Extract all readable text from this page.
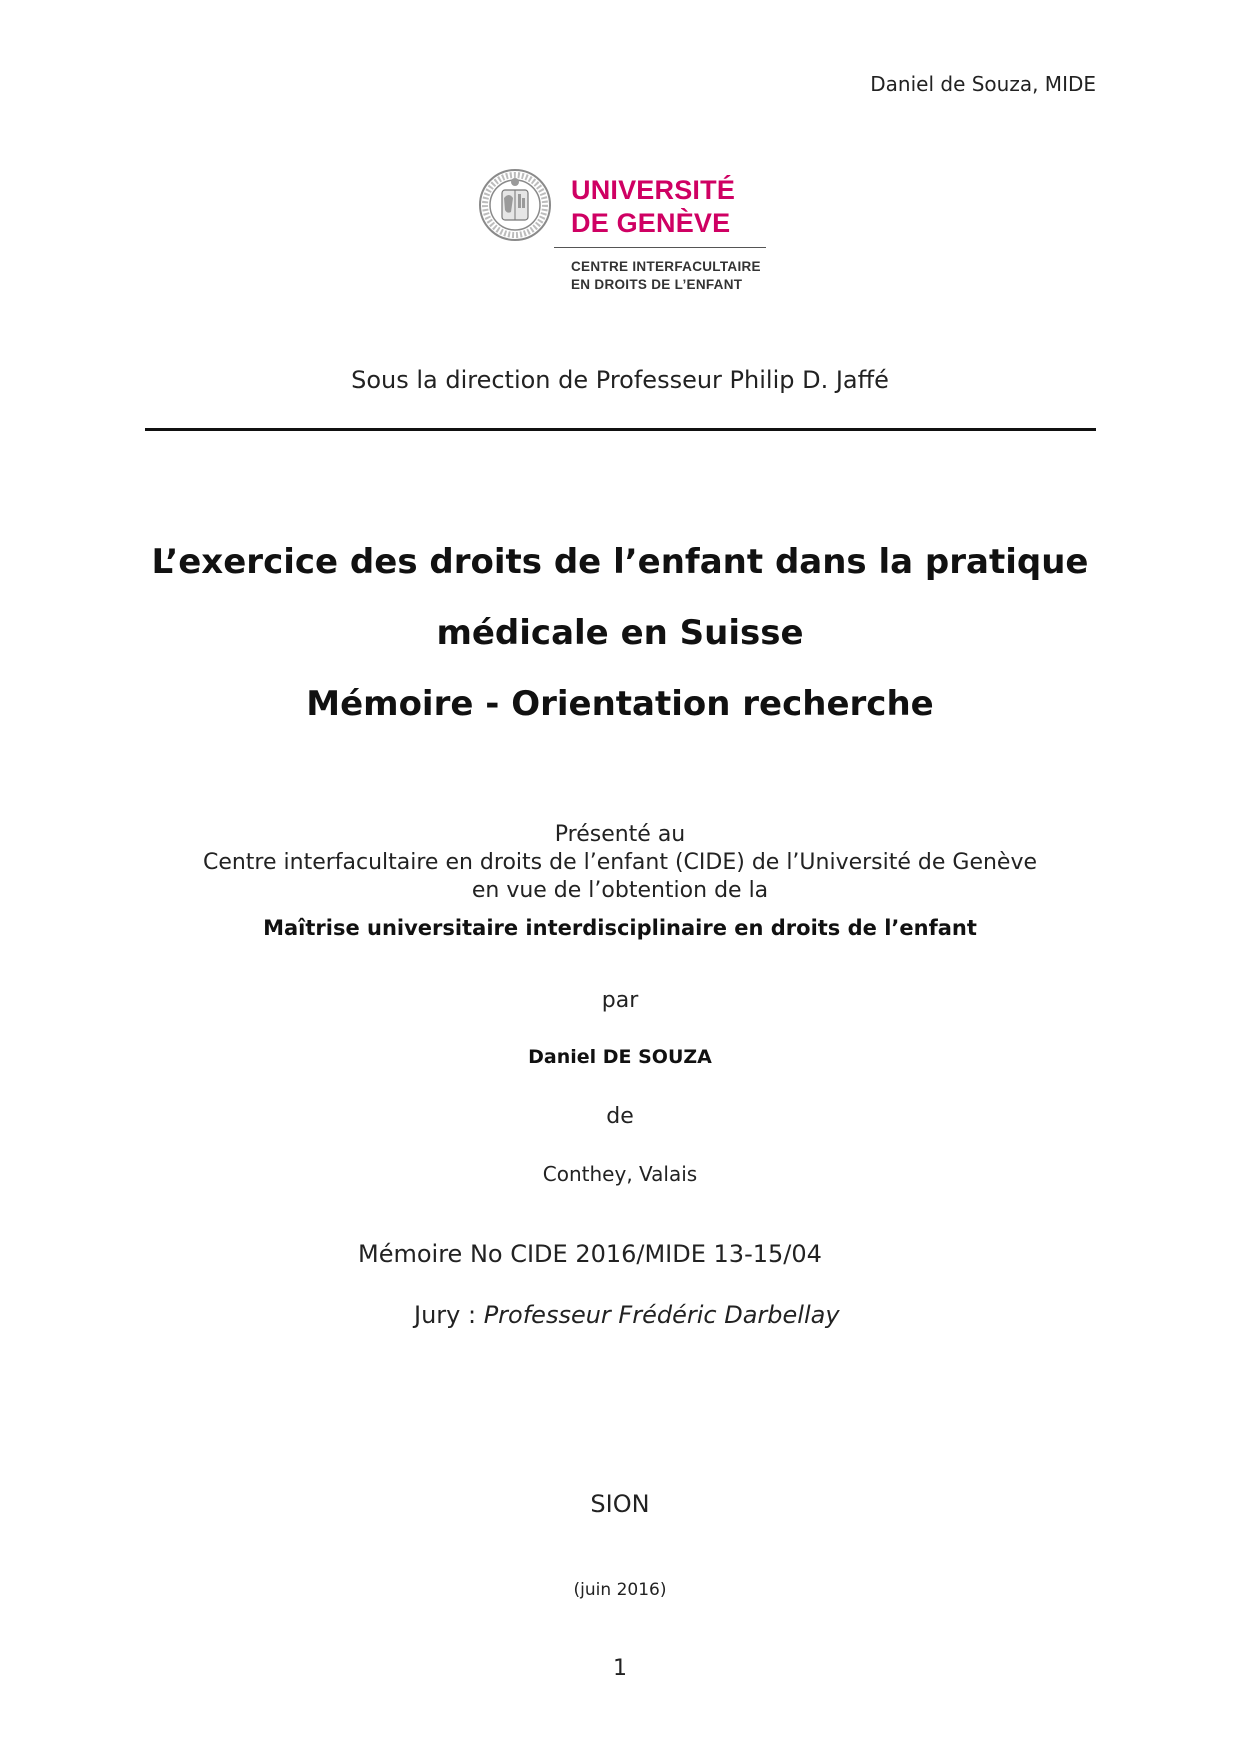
Daniel de Souza, MIDE
UNIVERSITÉ
DE GENÈVE
CENTRE INTERFACULTAIRE
EN DROITS DE L’ENFANT
Sous la direction de Professeur Philip D. Jaffé
L’exercice des droits de l’enfant dans la pratique
médicale en Suisse
Mémoire - Orientation recherche
Présenté au
Centre interfacultaire en droits de l’enfant (CIDE) de l’Université de Genève
en vue de l’obtention de la
Maîtrise universitaire interdisciplinaire en droits de l’enfant
par
Daniel DE SOUZA
de
Conthey, Valais
Mémoire No CIDE 2016/MIDE 13-15/04
Jury : Professeur Frédéric Darbellay
SION
(juin 2016)
1
